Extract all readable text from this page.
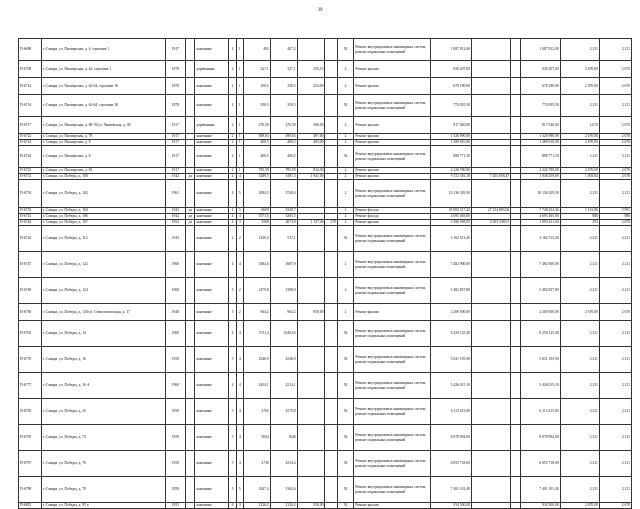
39
П-6698	г. Самара, ул. Пионерская, д. 4, строение 1	1917		каменные	2	1	492	407,2			92	Ремонт внутридомовых инженерных систем, ремонт подвальных помещений	1 087 812,00			1 087 812,00	2 211	2 211
П-6708	г. Самара, ул. Пионерская, д. 42, строение 1	1878		деревянные	2	1	327,1	327,1	256,10		2	Ремонт крыши	630 207,00			630 207,00	2 670,00	2 670
П-6714	г. Самара, ул. Пионерская, д. 62-64, строение 18	1878		каменные	2	1	350,5	350,5	254,00		2	Ремонт крыши	678 180,00			678 180,00	2 670,00	2 670
П-6714	г. Самара, ул. Пионерская, д. 62-64, строение 18	1878		каменные	2	1	350,5	350,5			92	Ремонт внутридомовых инженерных систем, ремонт подвальных помещений	774 955,50			774 955,50	2 211	2 211
П-6717	г. Самара, ул. Пионерская, д. 68-70/ул. Чапаевская, д. 46	1917		деревянные	2	1	276,50	276,50	306,00		2	Ремонт крыши	817 020,00			817 020,00	2 670	2 670
П-6722	г. Самара, ул. Пионерская, д. 78	1917		каменные	2	1	498,63	498,63	497,00		2	Ремонт крыши	1 326 990,00			1 326 990,00	2 670,00	2 670
П-6724	г. Самара, ул. Пионерская, д. 8	1917		каменные	2	1	406,5	406,5	483,00		2	Ремонт крыши	1 289 610,00			1 289 610,00	2 670,00	2 670
П-6724	г. Самара, ул. Пионерская, д. 8	1917		каменные	2	1	406,5	406,5			92	Ремонт внутридомовых инженерных систем, ремонт подвальных помещений	898 771,50			898 771,50	2 211	2 211
П-6725	г. Самара, ул. Пионерская, д. 82	1917		каменные	2	1	785,59	785,59	834,00		2	Ремонт крыши	2 226 780,00			2 226 780,00	2 670,00	2 670
П-6731	г. Самара, ул. Победы, д. 100	1942	да	каменные	4	4	5289,5	3491,5	1 941,00		2	Ремонт крыши	9 152 316,18	7 203 856,47		1 948 459,69	1 003,84	2 670
П-6733	г. Самара, ул. Победы, д. 102	1961		каменные	4	5	4584,5	3740,4			2	Ремонт внутридомовых инженерных систем, ремонт подвальных помещений	10 136 329,50			10 136 329,50	2 211	2 211
П-6735	г. Самара, ул. Победы, д. 104	1943	да	каменные	4	5	6609	5349,7			1	Ремонт фасада	35 083 317,42	27 334 883,06		7 748 434,36	1 161,86	5 991
П-6741	г. Самара, ул. Победы, д. 106	1942	да	каменные	4	4	5571,5	3265,5			2	Ремонт фасада	4 695 465,00			4 695 465,00	886	886
П-6744	г. Самара, ул. Победы, д. 107	1952	да	каменные	4	3	3568	2673,8	1 137,46	278	2	Ремонт крыши	5 396 569,05	4 303 338,01		1 093 231,04	293	2 670
П-6744	г. Самара, ул. Победы, д. 112	1943		каменные	2	2	1430,4	537,1			92	Ремонт внутридомовых инженерных систем, ремонт подвальных помещений	3 162 513,40			3 162 513,40	2 211	2 211
П-6747	г. Самара, ул. Победы, д. 122	1960		каменные	4	4	3384,6	1687,9			2	Ремонт внутридомовых инженерных систем, ремонт подвальных помещений	7 482 900,00			7 482 900,00	2 211	2 211
П-6749	г. Самара, ул. Победы, д. 124	1960		каменные	5	2	2479,8	1398,9			2	Ремонт внутридомовых инженерных систем, ремонт подвальных помещений	5 482 837,80			5 482 837,80	2 211	2 211
П-6756	г. Самара, ул. Победы, д. 130/ул. Севастопольская, д. 17	1948		каменные	5	2	964,2	964,2	850,00		2	Ремонт крыши	2 269 500,00			2 269 500,00	2 670,00	2 670
П-6763	г. Самара, ул. Победы, д. 14	1960		каменные	4	4	3731,4	3340,63			92	Ремонт внутридомовых инженерных систем, ремонт подвальных помещений	8 250 125,40			8 250 125,40	2 211	2 211
П-6776	г. Самара, ул. Победы, д. 16	1959		каменные	5	4	2546,9	2546,9			92	Ремонт внутридомовых инженерных систем, ремонт подвальных помещений	5 631 195,90			5 631 195,90	2 211	2 211
П-6777	г. Самара, ул. Победы, д. 16 А	1960		каменные	4	4	2454,1	2214,1			92	Ремонт внутридомовых инженерных систем, ремонт подвальных помещений	5 426 015,10			5 426 015,10	2 211	2 211
П-6783	г. Самара, ул. Победы, д. 20	1959		каменные	5	4	2765	2579,8			92	Ремонт внутридомовых инженерных систем, ремонт подвальных помещений	6 113 415,00			6 113 415,00	2 211	2 211
П-6795	г. Самара, ул. Победы, д. 73	1959		каменные	5	4	3654	1646			92	Ремонт внутридомовых инженерных систем, ремонт подвальных помещений	8 078 994,00			8 078 994,00	2 211	2 211
П-6797	г. Самара, ул. Победы, д. 76	1959		каменные	5	4	2738	2534,4			92	Ремонт внутридомовых инженерных систем, ремонт подвальных помещений	6 053 718,00			6 053 718,00	2 211	2 211
П-6799	г. Самара, ул. Победы, д. 78	1959		каменные	5	5	3347,4	3162,6			92	Ремонт внутридомовых инженерных систем, ремонт подвальных помещений	7 401 101,40			7 401 101,40	2 211	2 211
П-6825	г. Самара, ул. Победы, д. 95 а	1955		каменные	4	3	2126,2	2126,2	350,00		92	Ремонт крыши	934 500,00			934 500,00	2 670,00	2 670
